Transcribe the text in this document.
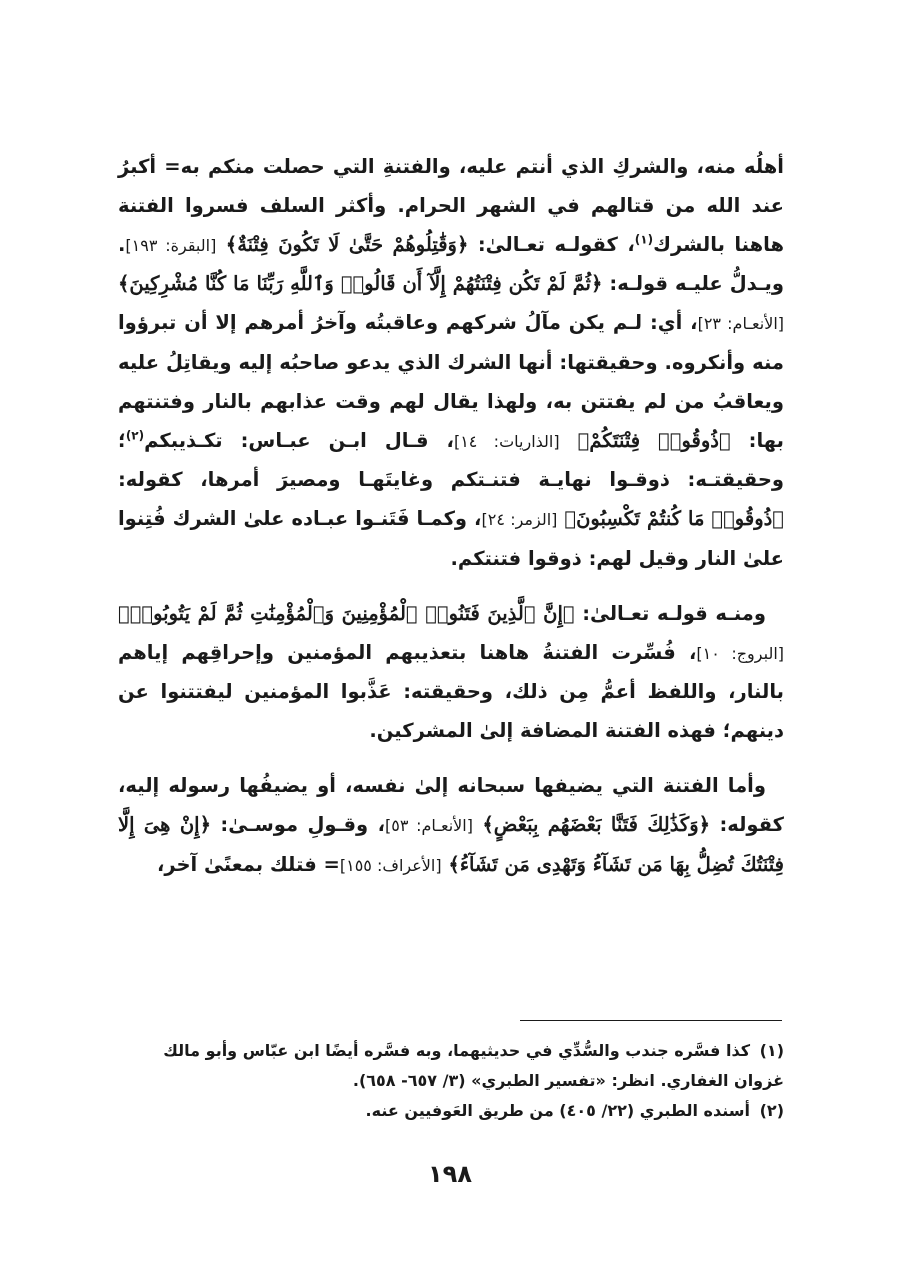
أهلُه منه، والشركِ الذي أنتم عليه، والفتنةِ التي حصلت منكم به= أكبرُ عند الله من قتالهم في الشهر الحرام. وأكثر السلف فسروا الفتنة هاهنا بالشرك$^{(١)}$، كقولـه تعـالىٰ: ﴿وَقَٰتِلُوهُمْ حَتَّىٰ لَا تَكُونَ فِتْنَةٌ﴾ [البقرة: ١٩٣]. ويـدلُّ عليـه قولـه: ﴿ثُمَّ لَمْ تَكُن فِتْنَتُهُمْ إِلَّآ أَن قَالُوا۟ وَٱللَّهِ رَبِّنَا مَا كُنَّا مُشْرِكِينَ﴾ [الأنعـام: ٢٣]، أي: لـم يكن مآلُ شركهم وعاقبتُه وآخرُ أمرهم إلا أن تبرؤوا منه وأنكروه. وحقيقتها: أنها الشرك الذي يدعو صاحبُه إليه ويقاتِلُ عليه ويعاقبُ من لم يفتتن به، ولهذا يقال لهم وقت عذابهم بالنار وفتنتهم بها: ﴿ذُوقُوا۟ فِتْنَتَكُمْ﴾ [الذاريات: ١٤]، قـال ابـن عبـاس: تكـذيبكم$^{(٢)}$؛ وحقيقتـه: ذوقـوا نهايـة فتنـتكم وغايتَهـا ومصيرَ أمرها، كقوله: ﴿ذُوقُوا۟ مَا كُنتُمْ تَكْسِبُونَ﴾ [الزمر: ٢٤]، وكمـا فَتَنـوا عبـاده علىٰ الشرك فُتِنوا علىٰ النار وقيل لهم: ذوقوا فتنتكم.

ومنـه قولـه تعـالىٰ: ﴿إِنَّ ٱلَّذِينَ فَتَنُوا۟ ٱلْمُؤْمِنِينَ وَٱلْمُؤْمِنَٰتِ ثُمَّ لَمْ يَتُوبُوا۟﴾ [البروج: ١٠]، فُسِّرت الفتنةُ هاهنا بتعذيبهم المؤمنين وإحراقِهم إياهم بالنار، واللفظ أعمُّ مِن ذلك، وحقيقته: عَذَّبوا المؤمنين ليفتتنوا عن دينهم؛ فهذه الفتنة المضافة إلىٰ المشركين.

وأما الفتنة التي يضيفها سبحانه إلىٰ نفسه، أو يضيفُها رسوله إليه، كقوله: ﴿وَكَذَٰلِكَ فَتَنَّا بَعْضَهُم بِبَعْضٍ﴾ [الأنعـام: ٥٣]، وقـولِ موسـىٰ: ﴿إِنْ هِىَ إِلَّا فِتْنَتُكَ تُضِلُّ بِهَا مَن تَشَآءُ وَتَهْدِى مَن تَشَآءُ﴾ [الأعراف: ١٥٥]= فتلك بمعنًىٰ آخر،

(١)كذا فسَّره جندب والسُّدِّي في حديثيهما، وبه فسَّره أيضًا ابن عبّاس وأبو مالك غزوان الغفاري. انظر: «تفسير الطبري» (٣/ ٦٥٧- ٦٥٨).

(٢)أسنده الطبري (٢٢/ ٤٠٥) من طريق العَوفيين عنه.

١٩٨
